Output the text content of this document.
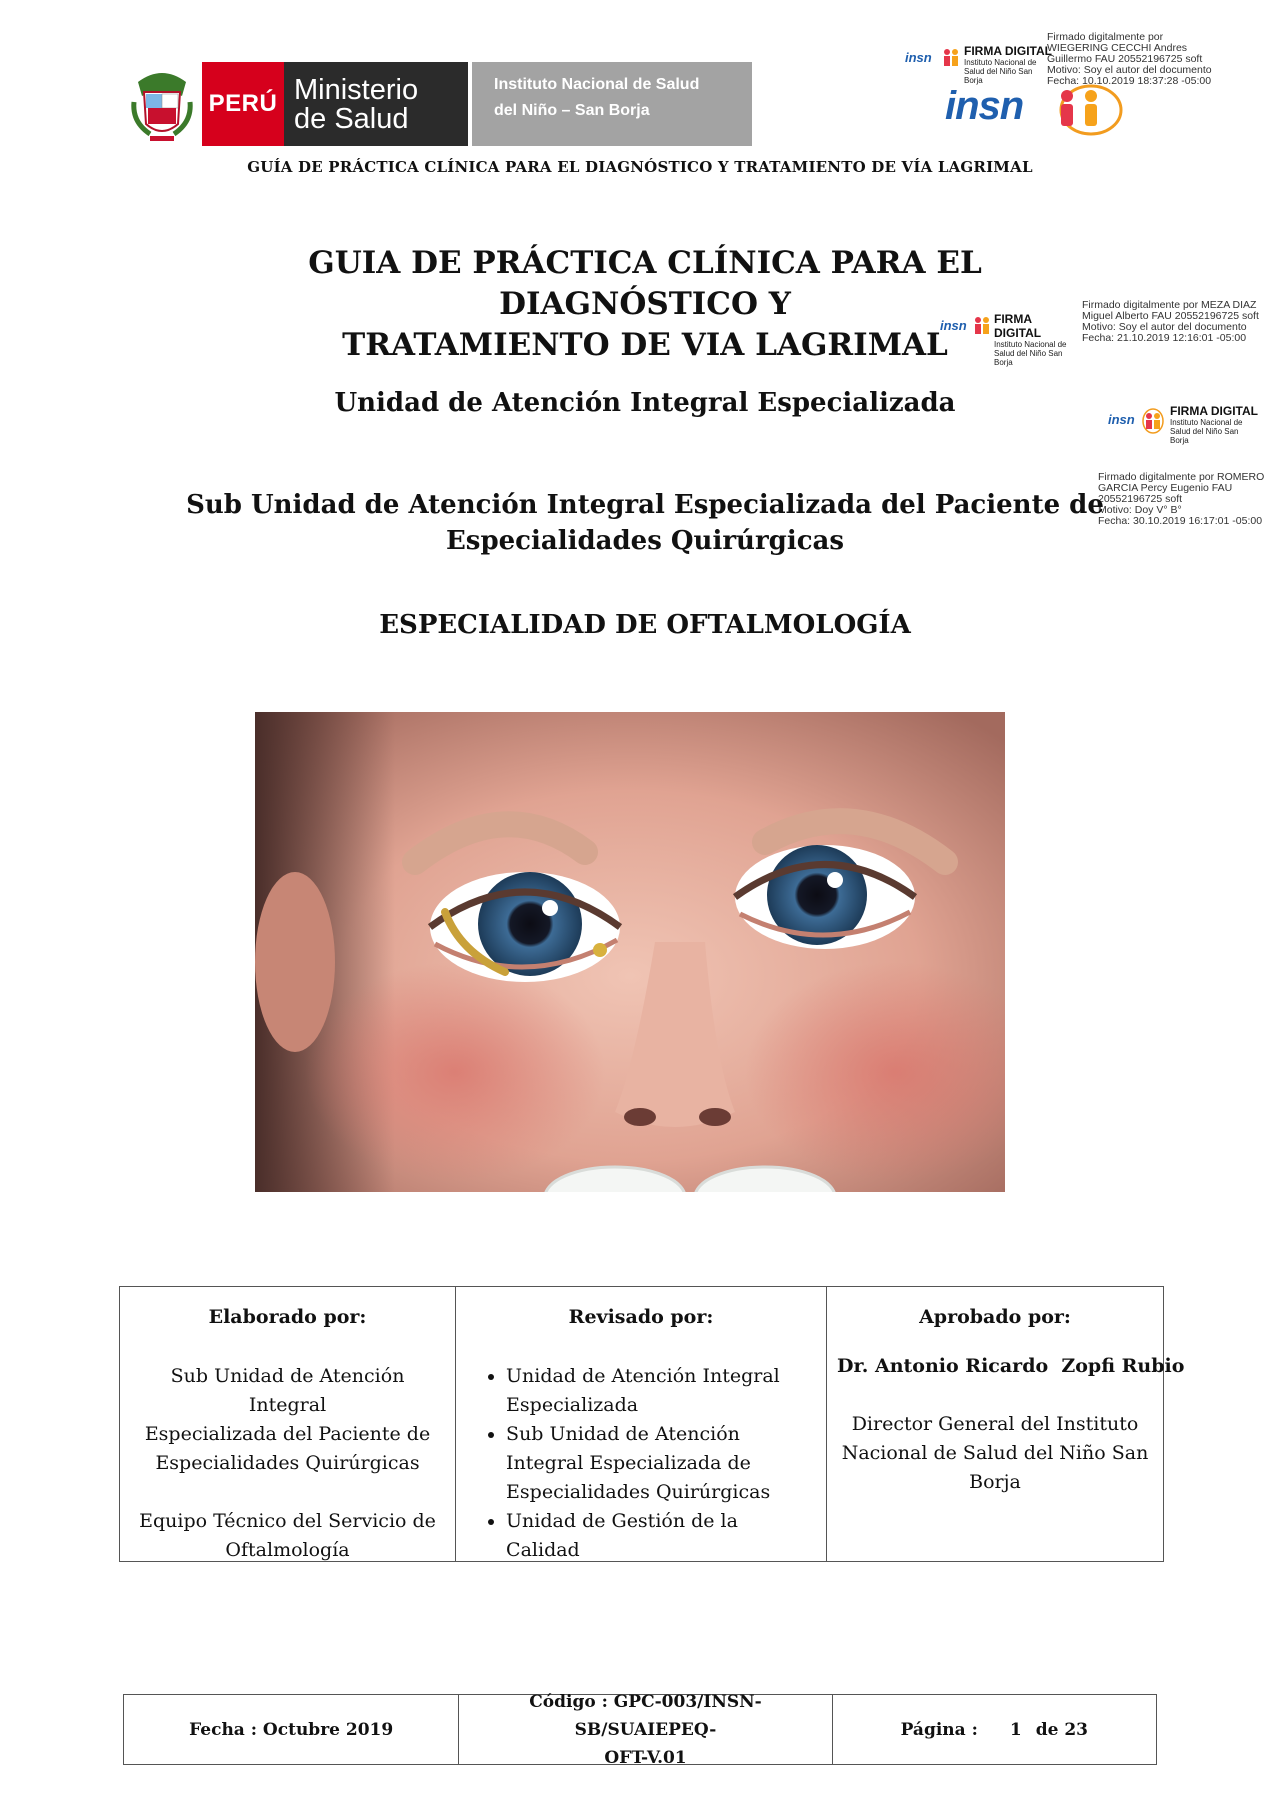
PERÚ Ministerio
de Salud
Instituto Nacional de Salud
del Niño – San Borja
insn	FIRMA DIGITAL
Instituto Nacional de
Salud del Niño San
Borja
Firmado digitalmente por
WIEGERING CECCHI Andres
Guillermo FAU 20552196725 soft
Motivo: Soy el autor del documento
Fecha: 10.10.2019 18:37:28 -05:00
insn
GUÍA DE PRÁCTICA CLÍNICA PARA EL DIAGNÓSTICO Y TRATAMIENTO DE VÍA LAGRIMAL
insn FIRMA DIGITAL
Instituto Nacional de
Salud del Niño San
Borja
Firmado digitalmente por MEZA DIAZ
Miguel Alberto FAU 20552196725 soft
Motivo: Soy el autor del documento
Fecha: 21.10.2019 12:16:01 -05:00
insn
FIRMA DIGITAL
Instituto Nacional de
Salud del Niño San
Borja
Firmado digitalmente por ROMERO
GARCIA Percy Eugenio FAU
20552196725 soft
Motivo: Doy V° B°
Fecha: 30.10.2019 16:17:01 -05:00
GUIA DE PRÁCTICA CLÍNICA PARA EL DIAGNÓSTICO Y
TRATAMIENTO DE VIA LAGRIMAL
Unidad de Atención Integral Especializada
Sub Unidad de Atención Integral Especializada del Paciente de
Especialidades Quirúrgicas
ESPECIALIDAD DE OFTALMOLOGÍA
Elaborado por:
Sub Unidad de Atención Integral
Especializada del Paciente de
Especialidades Quirúrgicas
Equipo Técnico del Servicio de
Oftalmología
Revisado por:
• Unidad de Atención Integral Especializada
• Sub Unidad de Atención Integral Especializada de Especialidades Quirúrgicas
• Unidad de Gestión de la Calidad
Aprobado por:
Dr. Antonio Ricardo  Zopfi Rubio
Director General del Instituto
Nacional de Salud del Niño San
Borja
Fecha : Octubre 2019
Código : GPC-003/INSN-SB/SUAIEPEQ-
OFT-V.01
Página : 1 de 23
